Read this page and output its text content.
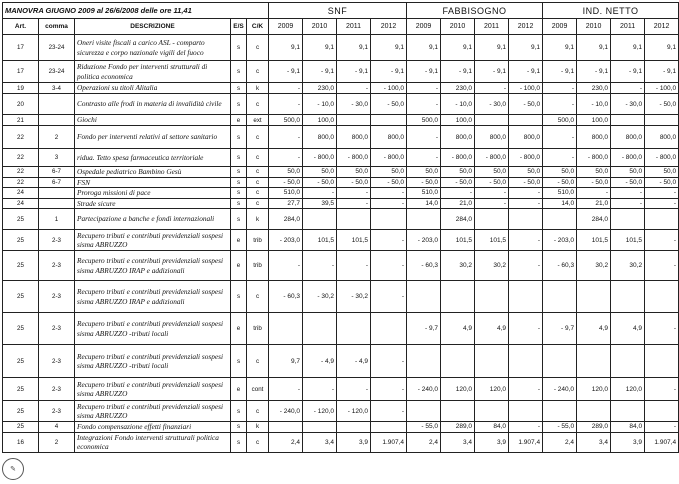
MANOVRA GIUGNO 2009 al 26/6/2008 delle ore 11,41					SNF				FABBISOGNO				IND. NETTO			
Art.	comma	DESCRIZIONE	E/S	C/K	2009	2010	2011	2012	2009	2010	2011	2012	2009	2010	2011	2012
17	23-24	Oneri visite fiscali a carico ASL - comparto sicurezza e corpo nazionale vigili del fuoco	s	c	9,1	9,1	9,1	9,1	9,1	9,1	9,1	9,1	9,1	9,1	9,1	9,1
17	23-24	Riduzione Fondo per interventi strutturali di politica economica	s	c	- 9,1	- 9,1	- 9,1	- 9,1	- 9,1	- 9,1	- 9,1	- 9,1	- 9,1	- 9,1	- 9,1	- 9,1
19	3-4	Operazioni su titoli Alitalia	s	k	-	230,0	-	- 100,0	-	230,0	-	- 100,0	-	230,0	-	- 100,0
20		Contrasto alle frodi in materia di invalidità civile	s	c	-	- 10,0	- 30,0	- 50,0	-	- 10,0	- 30,0	- 50,0	-	- 10,0	- 30,0	- 50,0
21		Giochi	e	ext	500,0	100,0			500,0	100,0			500,0	100,0		
22	2	Fondo per interventi relativi al settore sanitario	s	c	-	800,0	800,0	800,0	-	800,0	800,0	800,0	-	800,0	800,0	800,0
22	3	ridua. Tetto spesa farmaceutica territoriale	s	c	-	- 800,0	- 800,0	- 800,0	-	- 800,0	- 800,0	- 800,0	-	- 800,0	- 800,0	- 800,0
22	6-7	Ospedale pediatrico Bambino Gesù	s	c	50,0	50,0	50,0	50,0	50,0	50,0	50,0	50,0	50,0	50,0	50,0	50,0
22	6-7	FSN	s	c	- 50,0	- 50,0	- 50,0	- 50,0	- 50,0	- 50,0	- 50,0	- 50,0	- 50,0	- 50,0	- 50,0	- 50,0
24		Proroga missioni di pace	s	c	510,0	-	-	-	510,0	-	-	-	510,0	-	-	-
24		Strade sicure	s	c	27,7	39,5	-	-	14,0	21,0	-	-	14,0	21,0	-	-
25	1	Partecipazione a banche e fondi internazionali	s	k	284,0					284,0				284,0		
25	2-3	Recupero tributi e contributi previdenziali sospesi sisma ABRUZZO	e	trib	- 203,0	101,5	101,5	-	- 203,0	101,5	101,5	-	- 203,0	101,5	101,5	-
25	2-3	Recupero tributi e contributi previdenziali sospesi sisma ABRUZZO IRAP e addizionali	e	trib	-	-	-	-	- 60,3	30,2	30,2	-	- 60,3	30,2	30,2	-
25	2-3	Recupero tributi e contributi previdenziali sospesi sisma ABRUZZO IRAP e addizionali	s	c	- 60,3	- 30,2	- 30,2	-								
25	2-3	Recupero tributi e contributi previdenziali sospesi sisma ABRUZZO -tributi locali	e	trib					- 9,7	4,9	4,9	-	- 9,7	4,9	4,9	-
25	2-3	Recupero tributi e contributi previdenziali sospesi sisma ABRUZZO -tributi locali	s	c	9,7	- 4,9	- 4,9	-								
25	2-3	Recupero tributi e contributi previdenziali sospesi sisma ABRUZZO	e	cont	-	-	-	-	- 240,0	120,0	120,0	-	- 240,0	120,0	120,0	-
25	2-3	Recupero tributi e contributi previdenziali sospesi sisma ABRUZZO	s	c	- 240,0	- 120,0	- 120,0	-								
25	4	Fondo compensazione effetti finanziari	s	k					- 55,0	289,0	84,0	-	- 55,0	289,0	84,0	-
16	2	Integrazioni Fondo interventi strutturali politica economica	s	c	2,4	3,4	3,9	1.907,4	2,4	3,4	3,9	1.907,4	2,4	3,4	3,9	1.907,4
✎
